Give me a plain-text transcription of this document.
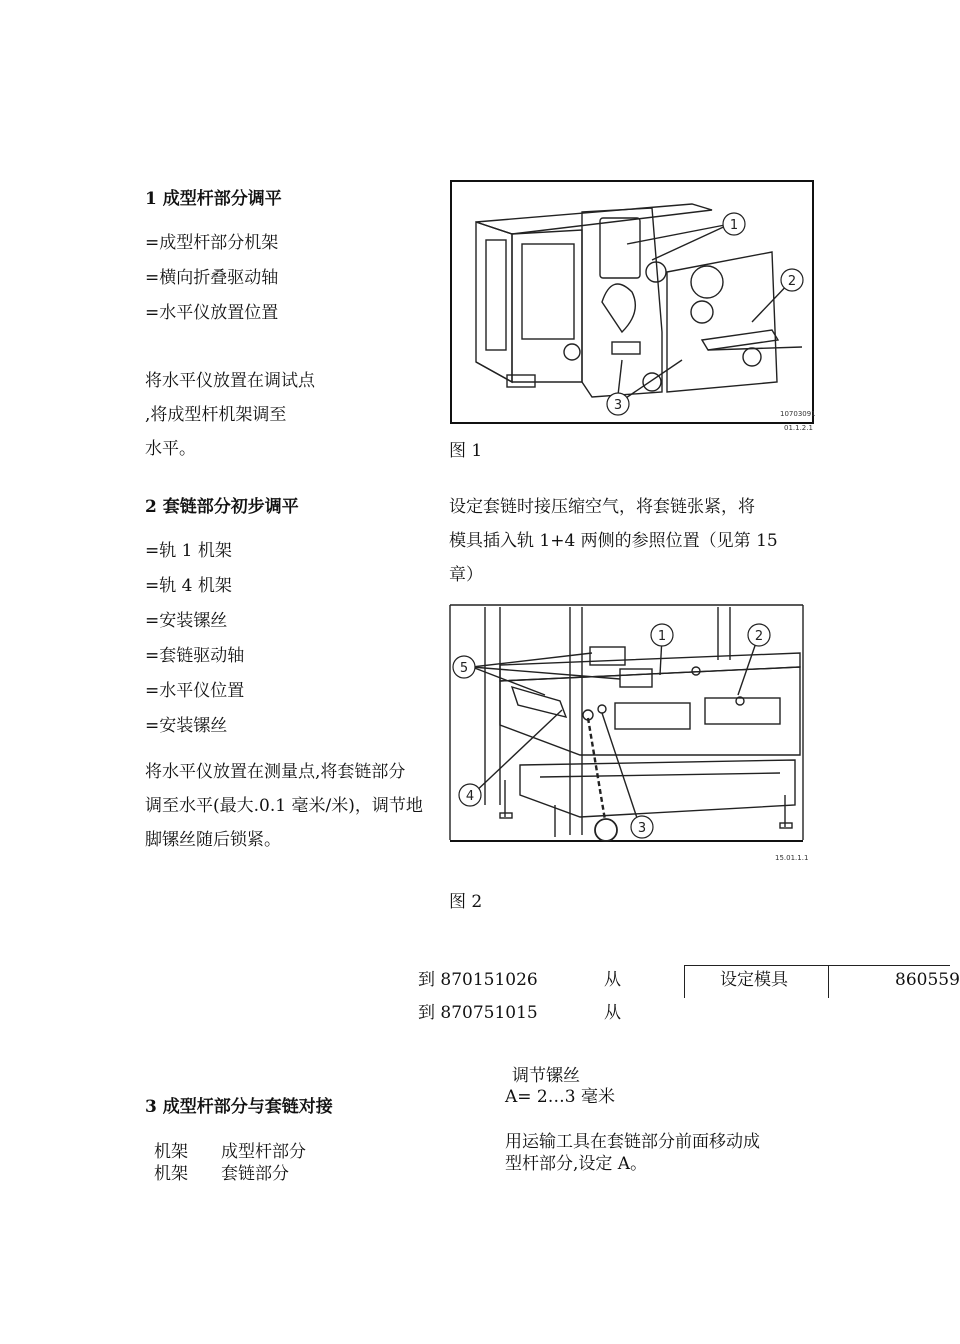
1 成型杆部分调平
=成型杆部分机架
=横向折叠驱动轴
=水平仪放置位置
将水平仪放置在调试点
,将成型杆机架调至
水平。
1
2
3
10703091
01.1.2.1
图 1
2 套链部分初步调平
=轨 1 机架
=轨 4 机架
=安装镙丝
=套链驱动轴
=水平仪位置
=安装镙丝
将水平仪放置在测量点,将套链部分
调至水平(最大.0.1 毫米/米)，调节地
脚镙丝随后锁紧。
设定套链时接压缩空气，将套链张紧，将
模具插入轨 1+4 两侧的参照位置（见第 15
章）
1	2
3
4
5
15.01.1.1
图 2
到 870151026	从	设定模具	860559
到 870751015	从
调节镙丝
A= 2…3 毫米
3 成型杆部分与套链对接
用运输工具在套链部分前面移动成
型杆部分,设定 A。
机架 成型杆部分
机架 套链部分
